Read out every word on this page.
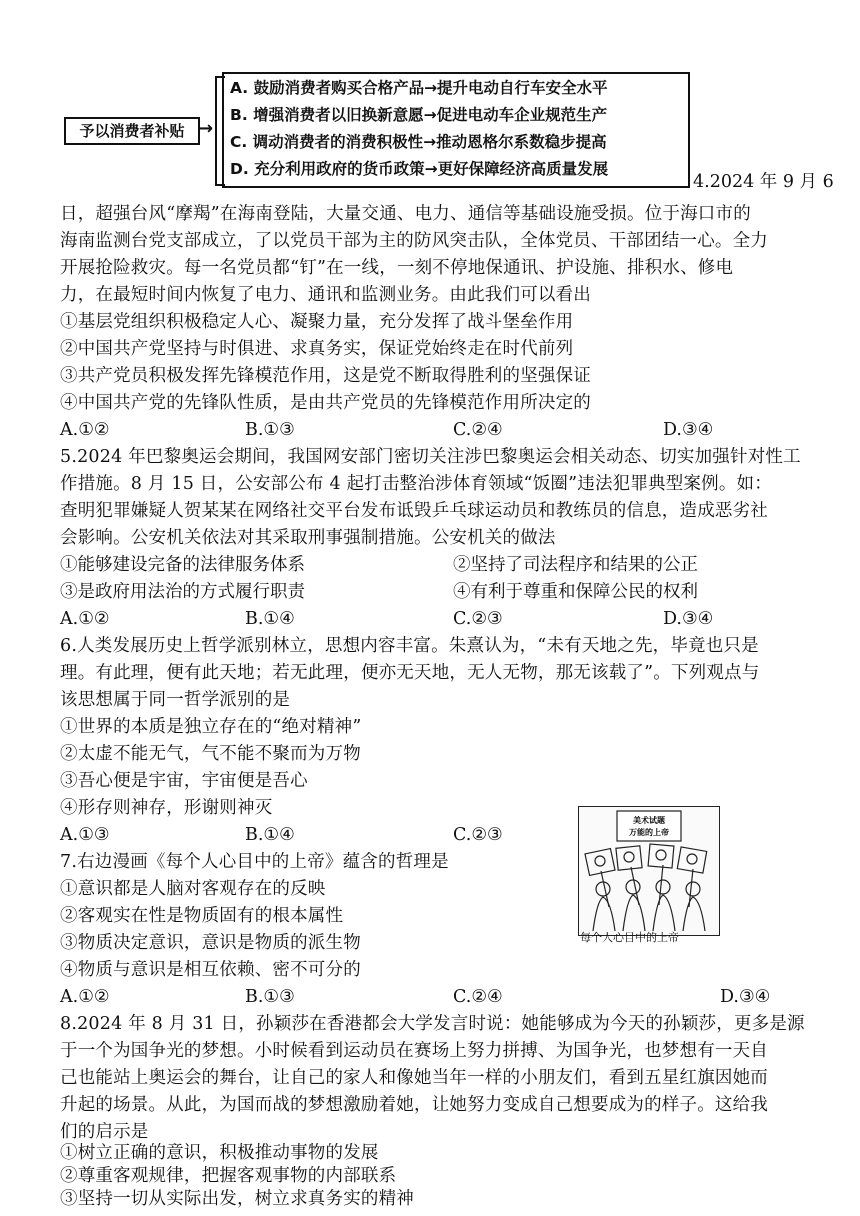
予以消费者补贴 →
A. 鼓励消费者购买合格产品→提升电动自行车安全水平
B. 增强消费者以旧换新意愿→促进电动车企业规范生产
C. 调动消费者的消费积极性→推动恩格尔系数稳步提高
D. 充分利用政府的货币政策→更好保障经济高质量发展
4.2024 年 9 月 6
日，超强台风“摩羯”在海南登陆，大量交通、电力、通信等基础设施受损。位于海口市的
海南监测台党支部成立，了以党员干部为主的防风突击队，全体党员、干部团结一心。全力
开展抢险救灾。每一名党员都“钉”在一线，一刻不停地保通讯、护设施、排积水、修电
力，在最短时间内恢复了电力、通讯和监测业务。由此我们可以看出
①基层党组织积极稳定人心、凝聚力量，充分发挥了战斗堡垒作用
②中国共产党坚持与时俱进、求真务实，保证党始终走在时代前列
③共产党员积极发挥先锋模范作用，这是党不断取得胜利的坚强保证
④中国共产党的先锋队性质，是由共产党员的先锋模范作用所决定的
A.①②	B.①③	C.②④	D.③④
5.2024 年巴黎奥运会期间，我国网安部门密切关注涉巴黎奥运会相关动态、切实加强针对性工
作措施。8 月 15 日，公安部公布 4 起打击整治涉体育领域“饭圈”违法犯罪典型案例。如：
查明犯罪嫌疑人贺某某在网络社交平台发布诋毁乒乓球运动员和教练员的信息，造成恶劣社
会影响。公安机关依法对其采取刑事强制措施。公安机关的做法
①能够建设完备的法律服务体系	②坚持了司法程序和结果的公正
③是政府用法治的方式履行职责	④有利于尊重和保障公民的权利
A.①②	B.①④	C.②③	D.③④
6.人类发展历史上哲学派别林立，思想内容丰富。朱熹认为，“未有天地之先，毕竟也只是
理。有此理，便有此天地；若无此理，便亦无天地，无人无物，那无该载了”。下列观点与
该思想属于同一哲学派别的是
①世界的本质是独立存在的“绝对精神”
②太虚不能无气，气不能不聚而为万物
③吾心便是宇宙，宇宙便是吾心
④形存则神存，形谢则神灭
A.①③	B.①④	C.②③
7.右边漫画《每个人心目中的上帝》蕴含的哲理是
①意识都是人脑对客观存在的反映
②客观实在性是物质固有的根本属性
③物质决定意识，意识是物质的派生物
④物质与意识是相互依赖、密不可分的
A.①②	B.①③	C.②④	D.③④
美术试题
万能的上帝
每个人心目中的上帝
8.2024 年 8 月 31 日，孙颖莎在香港都会大学发言时说：她能够成为今天的孙颖莎，更多是源
于一个为国争光的梦想。小时候看到运动员在赛场上努力拼搏、为国争光，也梦想有一天自
己也能站上奥运会的舞台，让自己的家人和像她当年一样的小朋友们，看到五星红旗因她而
升起的场景。从此，为国而战的梦想激励着她，让她努力变成自己想要成为的样子。这给我
们的启示是
①树立正确的意识，积极推动事物的发展
②尊重客观规律，把握客观事物的内部联系
③坚持一切从实际出发，树立求真务实的精神
